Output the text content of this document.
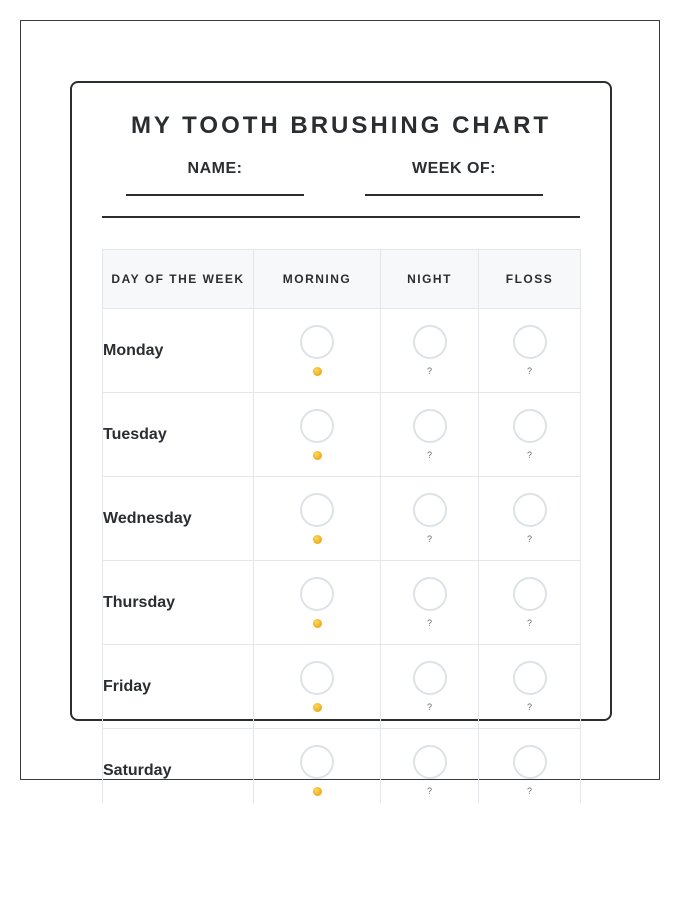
MY TOOTH BRUSHING CHART
NAME:	WEEK OF:
DAY OF THE WEEK	MORNING	NIGHT	FLOSS
Monday		?	?

Tuesday		?	?

Wednesday		?	?

Thursday		?	?

Friday		?	?

Saturday		?	?
